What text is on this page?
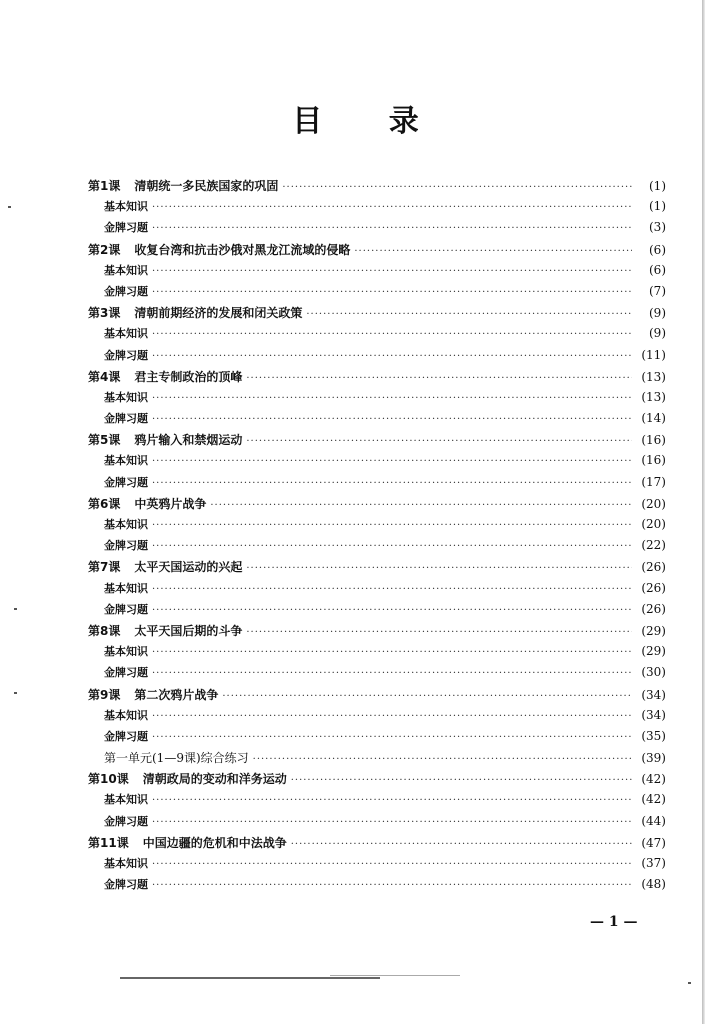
目 录
第1课 清朝统一多民族国家的巩固 ·····	(1)
基本知识 ·····	(1)
金牌习题 ·····	(3)
第2课 收复台湾和抗击沙俄对黑龙江流域的侵略 ·····	(6)
基本知识 ·····	(6)
金牌习题 ·····	(7)
第3课 清朝前期经济的发展和闭关政策 ·····	(9)
基本知识 ·····	(9)
金牌习题 ·····	(11)
第4课 君主专制政治的顶峰 ·····	(13)
基本知识 ·····	(13)
金牌习题 ·····	(14)
第5课 鸦片输入和禁烟运动 ·····	(16)
基本知识 ·····	(16)
金牌习题 ·····	(17)
第6课 中英鸦片战争 ·····	(20)
基本知识 ·····	(20)
金牌习题 ·····	(22)
第7课 太平天国运动的兴起 ·····	(26)
基本知识 ·····	(26)
金牌习题 ·····	(26)
第8课 太平天国后期的斗争 ·····	(29)
基本知识 ·····	(29)
金牌习题 ·····	(30)
第9课 第二次鸦片战争 ·····	(34)
基本知识 ·····	(34)
金牌习题 ·····	(35)
第一单元(1—9课)综合练习 ·····	(39)
第10课 清朝政局的变动和洋务运动 ·····	(42)
基本知识 ·····	(42)
金牌习题 ·····	(44)
第11课 中国边疆的危机和中法战争 ·····	(47)
基本知识 ·····	(37)
金牌习题 ·····	(48)
— 1 —
